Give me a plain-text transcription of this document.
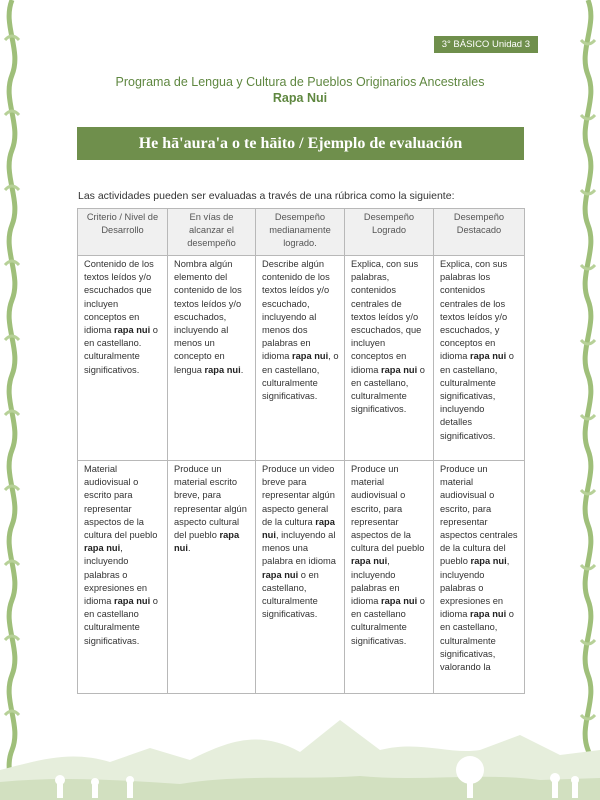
3° BÁSICO Unidad 3
Programa de Lengua y Cultura de Pueblos Originarios Ancestrales
Rapa Nui
He hā'aura'a o te hāito / Ejemplo de evaluación
Las actividades pueden ser evaluadas a través de una rúbrica como la siguiente:
Criterio / Nivel de Desarrollo	En vías de alcanzar el desempeño	Desempeño medianamente logrado.	Desempeño Logrado	Desempeño Destacado
Contenido de los textos leídos y/o escuchados que incluyen conceptos en idioma rapa nui o en castellano. culturalmente significativos.	Nombra algún elemento del contenido de los textos leídos y/o escuchados, incluyendo al menos un concepto en lengua rapa nui.	Describe algún contenido de los textos leídos y/o escuchado, incluyendo al menos dos palabras en idioma rapa nui, o en castellano, culturalmente significativas.	Explica, con sus palabras, contenidos centrales de textos leídos y/o escuchados, que incluyen conceptos en idioma rapa nui o en castellano, culturalmente significativos.	Explica, con sus palabras los contenidos centrales de los textos leídos y/o escuchados, y conceptos en idioma rapa nui o en castellano, culturalmente significativas, incluyendo detalles significativos.
Material audiovisual o escrito para representar aspectos de la cultura del pueblo rapa nui, incluyendo palabras o expresiones en idioma rapa nui o en castellano culturalmente significativas.	Produce un material escrito breve, para representar algún aspecto cultural del pueblo rapa nui.	Produce un video breve para representar algún aspecto general de la cultura rapa nui, incluyendo al menos una palabra en idioma rapa nui o en castellano, culturalmente significativas.	Produce un material audiovisual o escrito, para representar aspectos de la cultura del pueblo rapa nui, incluyendo palabras en idioma rapa nui o en castellano culturalmente significativas.	Produce un material audiovisual o escrito, para representar aspectos centrales de la cultura del pueblo rapa nui, incluyendo palabras o expresiones en idioma rapa nui o en castellano, culturalmente significativas, valorando la
